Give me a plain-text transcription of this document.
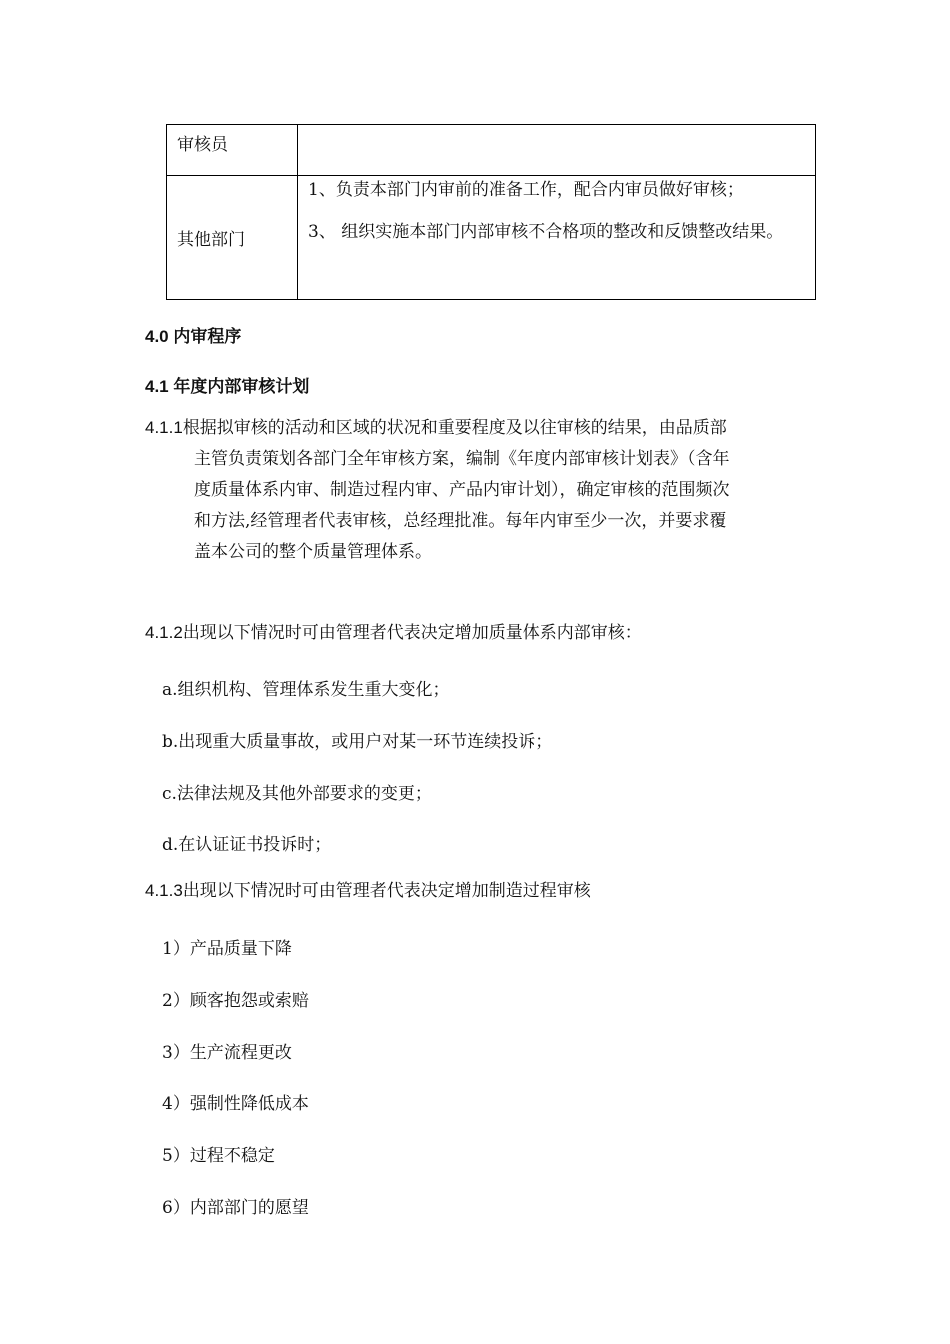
审核员	
其他部门	1、负责本部门内审前的准备工作，配合内审员做好审核；
3、 组织实施本部门内部审核不合格项的整改和反馈整改结果。
4.0 内审程序
4.1 年度内部审核计划
4.1.1根据拟审核的活动和区域的状况和重要程度及以往审核的结果，由品质部
主管负责策划各部门全年审核方案，编制《年度内部审核计划表》（含年
度质量体系内审、制造过程内审、产品内审计划），确定审核的范围频次
和方法,经管理者代表审核，总经理批准。每年内审至少一次，并要求覆
盖本公司的整个质量管理体系。
4.1.2出现以下情况时可由管理者代表决定增加质量体系内部审核：
a.组织机构、管理体系发生重大变化；
b.出现重大质量事故，或用户对某一环节连续投诉；
c.法律法规及其他外部要求的变更；
d.在认证证书投诉时；
4.1.3出现以下情况时可由管理者代表决定增加制造过程审核
1）产品质量下降
2）顾客抱怨或索赔
3）生产流程更改
4）强制性降低成本
5）过程不稳定
6）内部部门的愿望
